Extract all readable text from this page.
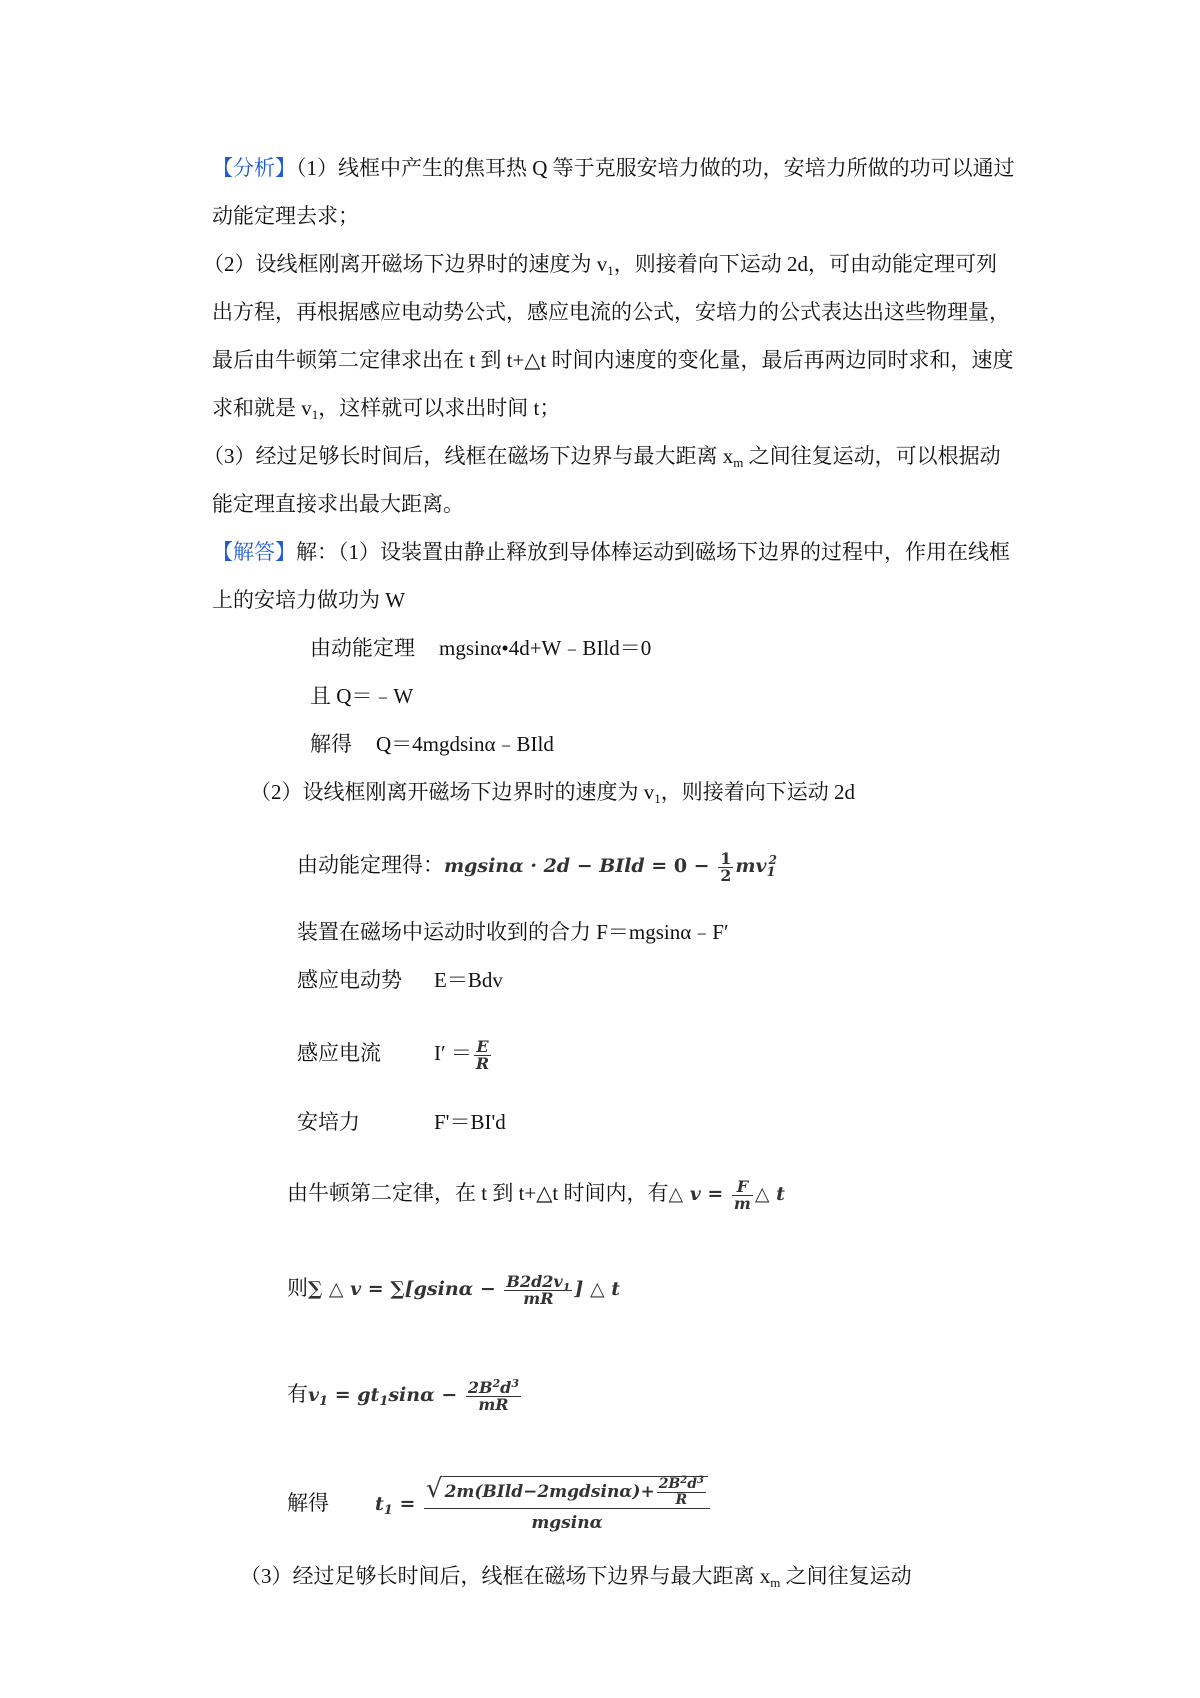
【分析】（1）线框中产生的焦耳热 Q 等于克服安培力做的功，安培力所做的功可以通过
动能定理去求；
（2）设线框刚离开磁场下边界时的速度为 $v_1$，则接着向下运动 2d，可由动能定理可列
出方程，再根据感应电动势公式，感应电流的公式，安培力的公式表达出这些物理量，
最后由牛顿第二定律求出在 t 到 t+△t 时间内速度的变化量，最后再两边同时求和，速度
求和就是 $v_1$，这样就可以求出时间 t；
（3）经过足够长时间后，线框在磁场下边界与最大距离 $x_m$ 之间往复运动，可以根据动
能定理直接求出最大距离。
【解答】解：（1）设装置由静止释放到导体棒运动到磁场下边界的过程中，作用在线框
上的安培力做功为 W
由动能定理 mgsinα•4d+W﹣BIld＝0
且 Q＝﹣W
解得 Q＝4mgdsinα﹣BIld
（2）设线框刚离开磁场下边界时的速度为 $v_1$，则接着向下运动 2d
由动能定理得：mgsinα · 2d − BIld = $0 - \frac{1}{2} mv_1^2$
装置在磁场中运动时收到的合力 F＝mgsinα﹣F′
感应电动势 E＝Bdv
感应电流	$I' = \frac{E}{R}$
安培力	F'＝BI'd
由牛顿第二定律，在 t 到 t+△t 时间内，有△ $v = \frac{F}{m}$ △ t
则∑ △ $v = \sum[gsin\alpha - \frac{B2d2v_1}{mR}$ ] △ t
有$v_1 = gt_1\sin\alpha - \frac{2B^2d^3}{mR}$
解得 $t_1 = \frac{√ 2m(BIld-2mgdsin\alpha)+ \frac{2B^2d^3}{R}}{mgsin\alpha}$
（3）经过足够长时间后，线框在磁场下边界与最大距离 $x_m$ 之间往复运动
